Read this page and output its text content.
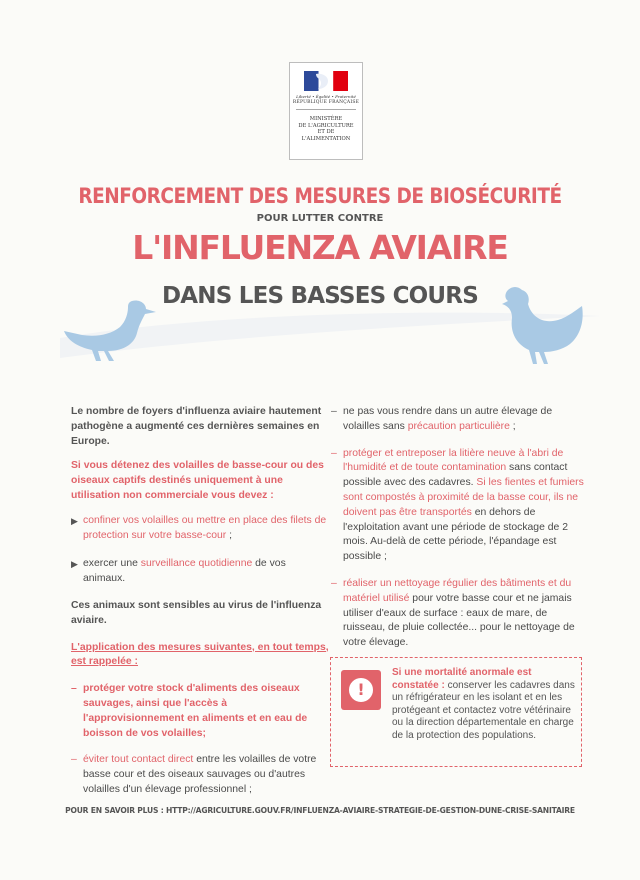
Liberté • Égalité • Fraternité
RÉPUBLIQUE FRANÇAISE
MINISTÈRE
DE L'AGRICULTURE
ET DE
L'ALIMENTATION
RENFORCEMENT DES MESURES DE BIOSÉCURITÉ
POUR LUTTER CONTRE
L'INFLUENZA AVIAIRE
DANS LES BASSES COURS

Le nombre de foyers d'influenza aviaire hautement pathogène a augmenté ces dernières semaines en Europe.

Si vous détenez des volailles de basse-cour ou des oiseaux captifs destinés uniquement à une utilisation non commerciale vous devez :

▶ confiner vos volailles ou mettre en place des filets de protection sur votre basse-cour ;

▶ exercer une surveillance quotidienne de vos animaux.

Ces animaux sont sensibles au virus de l'influenza aviaire.

L'application des mesures suivantes, en tout temps, est rappelée :

– protéger votre stock d'aliments des oiseaux sauvages, ainsi que l'accès à l'approvisionnement en aliments et en eau de boisson de vos volailles;

– éviter tout contact direct entre les volailles de votre basse cour et des oiseaux sauvages ou d'autres volailles d'un élevage professionnel ;

– ne pas vous rendre dans un autre élevage de volailles sans précaution particulière ;

– protéger et entreposer la litière neuve à l'abri de l'humidité et de toute contamination sans contact possible avec des cadavres. Si les fientes et fumiers sont compostés à proximité de la basse cour, ils ne doivent pas être transportés en dehors de l'exploitation avant une période de stockage de 2 mois. Au-delà de cette période, l'épandage est possible ;

– réaliser un nettoyage régulier des bâtiments et du matériel utilisé pour votre basse cour et ne jamais utiliser d'eaux de surface : eaux de mare, de ruisseau, de pluie collectée... pour le nettoyage de votre élevage.

!
Si une mortalité anormale est constatée : conserver les cadavres dans un réfrigérateur en les isolant et en les protégeant et contactez votre vétérinaire ou la direction départementale en charge de la protection des populations.
POUR EN SAVOIR PLUS : HTTP://AGRICULTURE.GOUV.FR/INFLUENZA-AVIAIRE-STRATEGIE-DE-GESTION-DUNE-CRISE-SANITAIRE
